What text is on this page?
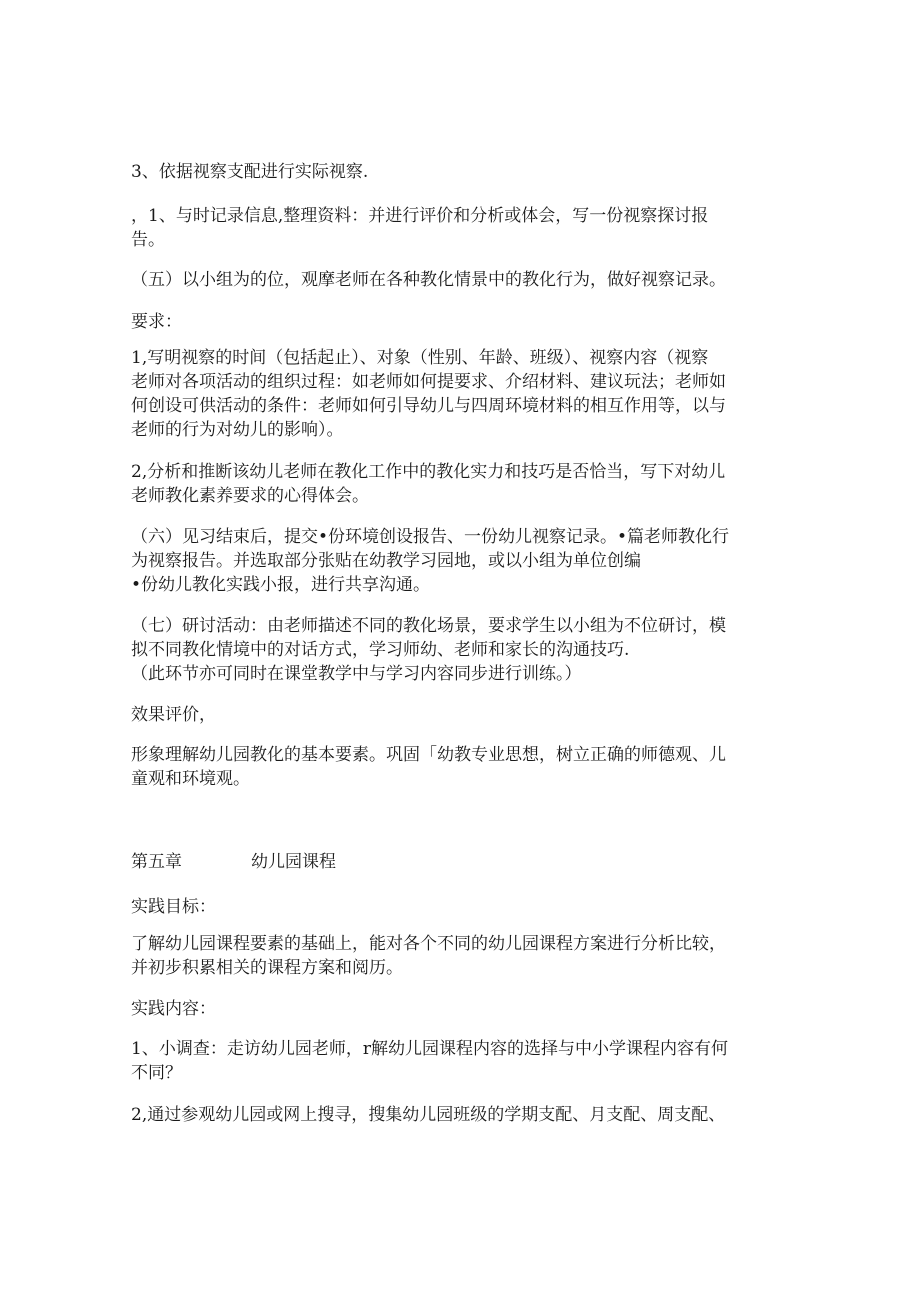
3、依据视察支配进行实际视察.
，1、与时记录信息,整理资料：并进行评价和分析或体会，写一份视察探讨报
告。
（五）以小组为的位，观摩老师在各种教化情景中的教化行为，做好视察记录。
要求：
1,写明视察的时间（包括起止）、对象（性别、年龄、班级）、视察内容（视察
老师对各项活动的组织过程：如老师如何提要求、介绍材料、建议玩法；老师如
何创设可供活动的条件：老师如何引导幼儿与四周环境材料的相互作用等，以与
老师的行为对幼儿的影响）。
2,分析和推断该幼儿老师在教化工作中的教化实力和技巧是否恰当，写下对幼儿
老师教化素养要求的心得体会。
（六）见习结束后，提交•份环境创设报告、一份幼儿视察记录。•篇老师教化行
为视察报告。并选取部分张贴在幼教学习园地，或以小组为单位创编
•份幼儿教化实践小报，进行共享沟通。
（七）研讨活动：由老师描述不同的教化场景，要求学生以小组为不位研讨，模
拟不同教化情境中的对话方式，学习师幼、老师和家长的沟通技巧.
（此环节亦可同时在课堂教学中与学习内容同步进行训练。）
效果评价，
形象理解幼儿园教化的基本要素。巩固「幼教专业思想，树立正确的师德观、儿
童观和环境观。
第五章	幼儿园课程
实践目标：
了解幼儿园课程要素的基础上，能对各个不同的幼儿园课程方案进行分析比较，
并初步积累相关的课程方案和阅历。
实践内容：
1、小调查：走访幼儿园老师，r解幼儿园课程内容的选择与中小学课程内容有何
不同？
2,通过参观幼儿园或网上搜寻，搜集幼儿园班级的学期支配、月支配、周支配、
